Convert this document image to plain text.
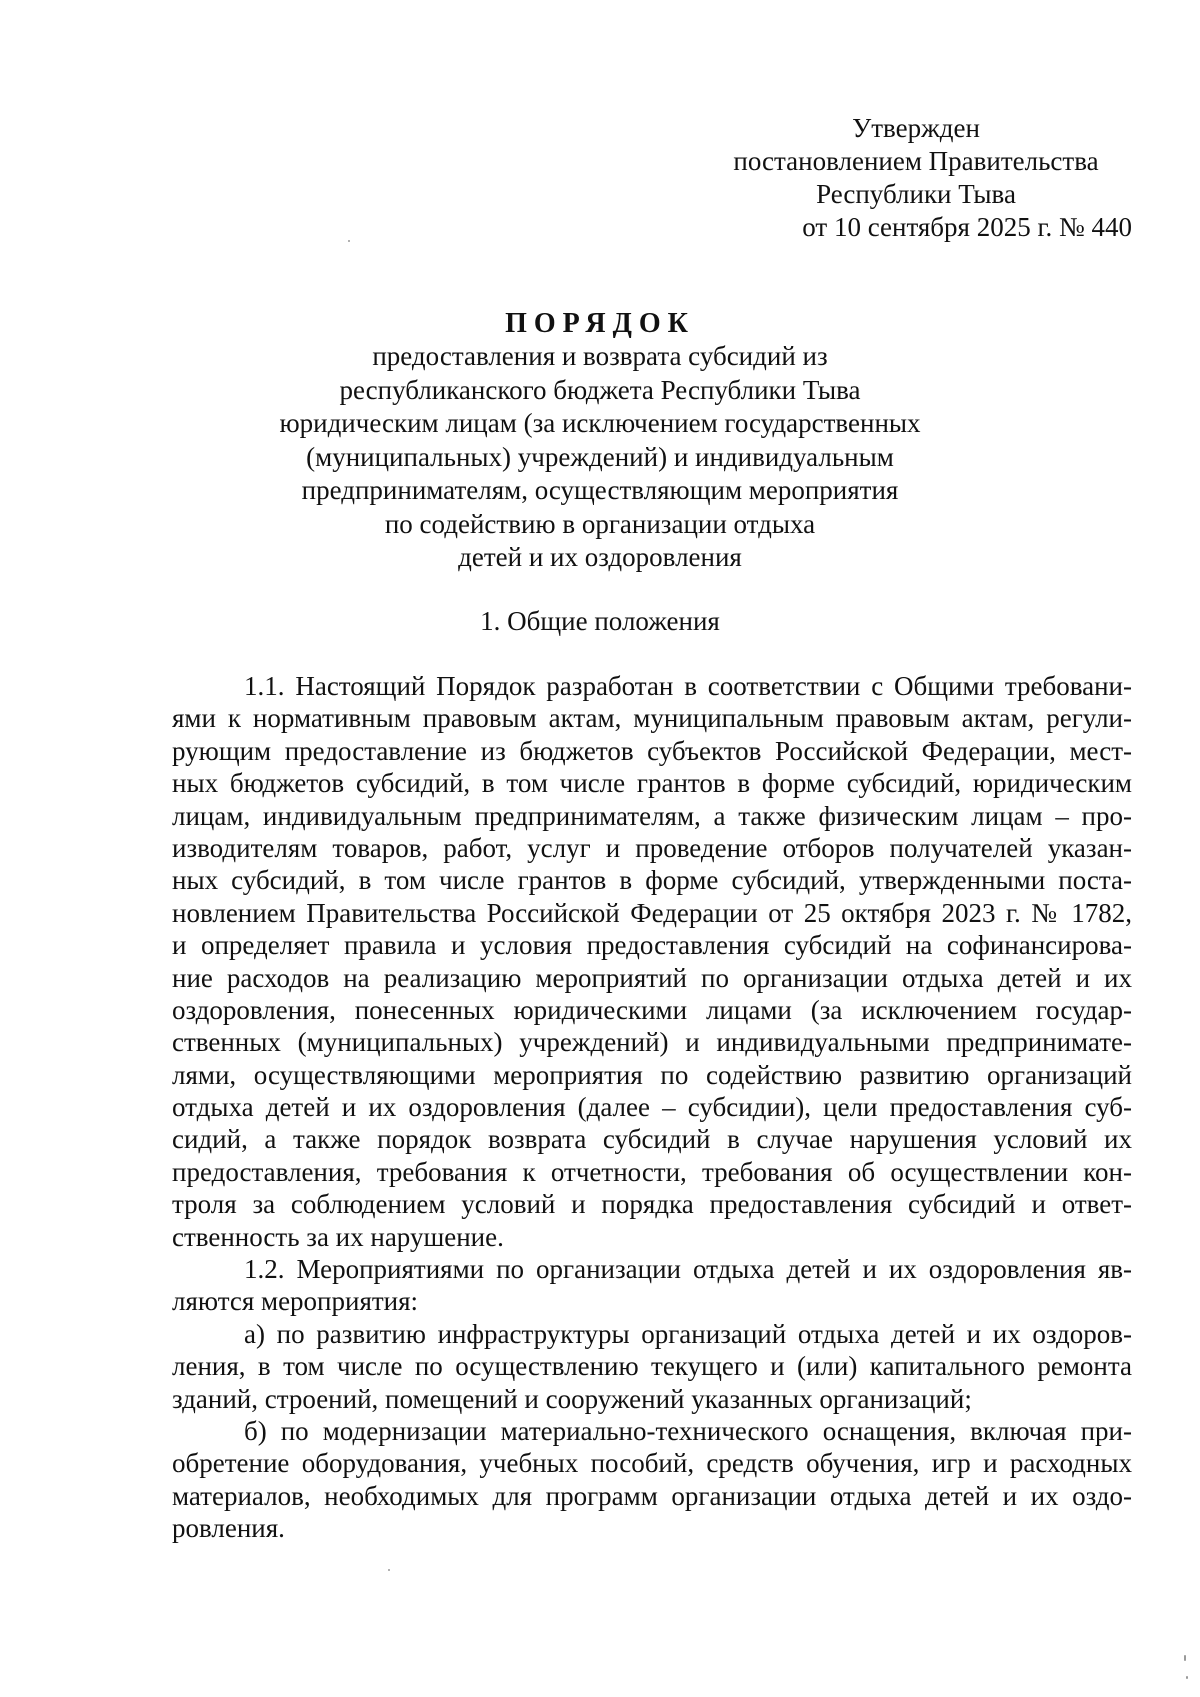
Утвержден
постановлением Правительства
Республики Тыва
от 10 сентября 2025 г. № 440
ПОРЯДОК
предоставления и возврата субсидий из
республиканского бюджета Республики Тыва
юридическим лицам (за исключением государственных
(муниципальных) учреждений) и индивидуальным
предпринимателям, осуществляющим мероприятия
по содействию в организации отдыха
детей и их оздоровления
1. Общие положения
1.1. Настоящий Порядок разработан в соответствии с Общими требовани-
ями к нормативным правовым актам, муниципальным правовым актам, регули-
рующим предоставление из бюджетов субъектов Российской Федерации, мест-
ных бюджетов субсидий, в том числе грантов в форме субсидий, юридическим
лицам, индивидуальным предпринимателям, а также физическим лицам – про-
изводителям товаров, работ, услуг и проведение отборов получателей указан-
ных субсидий, в том числе грантов в форме субсидий, утвержденными поста-
новлением Правительства Российской Федерации от 25 октября 2023 г. № 1782,
и определяет правила и условия предоставления субсидий на софинансирова-
ние расходов на реализацию мероприятий по организации отдыха детей и их
оздоровления, понесенных юридическими лицами (за исключением государ-
ственных (муниципальных) учреждений) и индивидуальными предпринимате-
лями, осуществляющими мероприятия по содействию развитию организаций
отдыха детей и их оздоровления (далее – субсидии), цели предоставления суб-
сидий, а также порядок возврата субсидий в случае нарушения условий их
предоставления, требования к отчетности, требования об осуществлении кон-
троля за соблюдением условий и порядка предоставления субсидий и ответ-
ственность за их нарушение.
1.2. Мероприятиями по организации отдыха детей и их оздоровления яв-
ляются мероприятия:
а) по развитию инфраструктуры организаций отдыха детей и их оздоров-
ления, в том числе по осуществлению текущего и (или) капитального ремонта
зданий, строений, помещений и сооружений указанных организаций;
б) по модернизации материально-технического оснащения, включая при-
обретение оборудования, учебных пособий, средств обучения, игр и расходных
материалов, необходимых для программ организации отдыха детей и их оздо-
ровления.
